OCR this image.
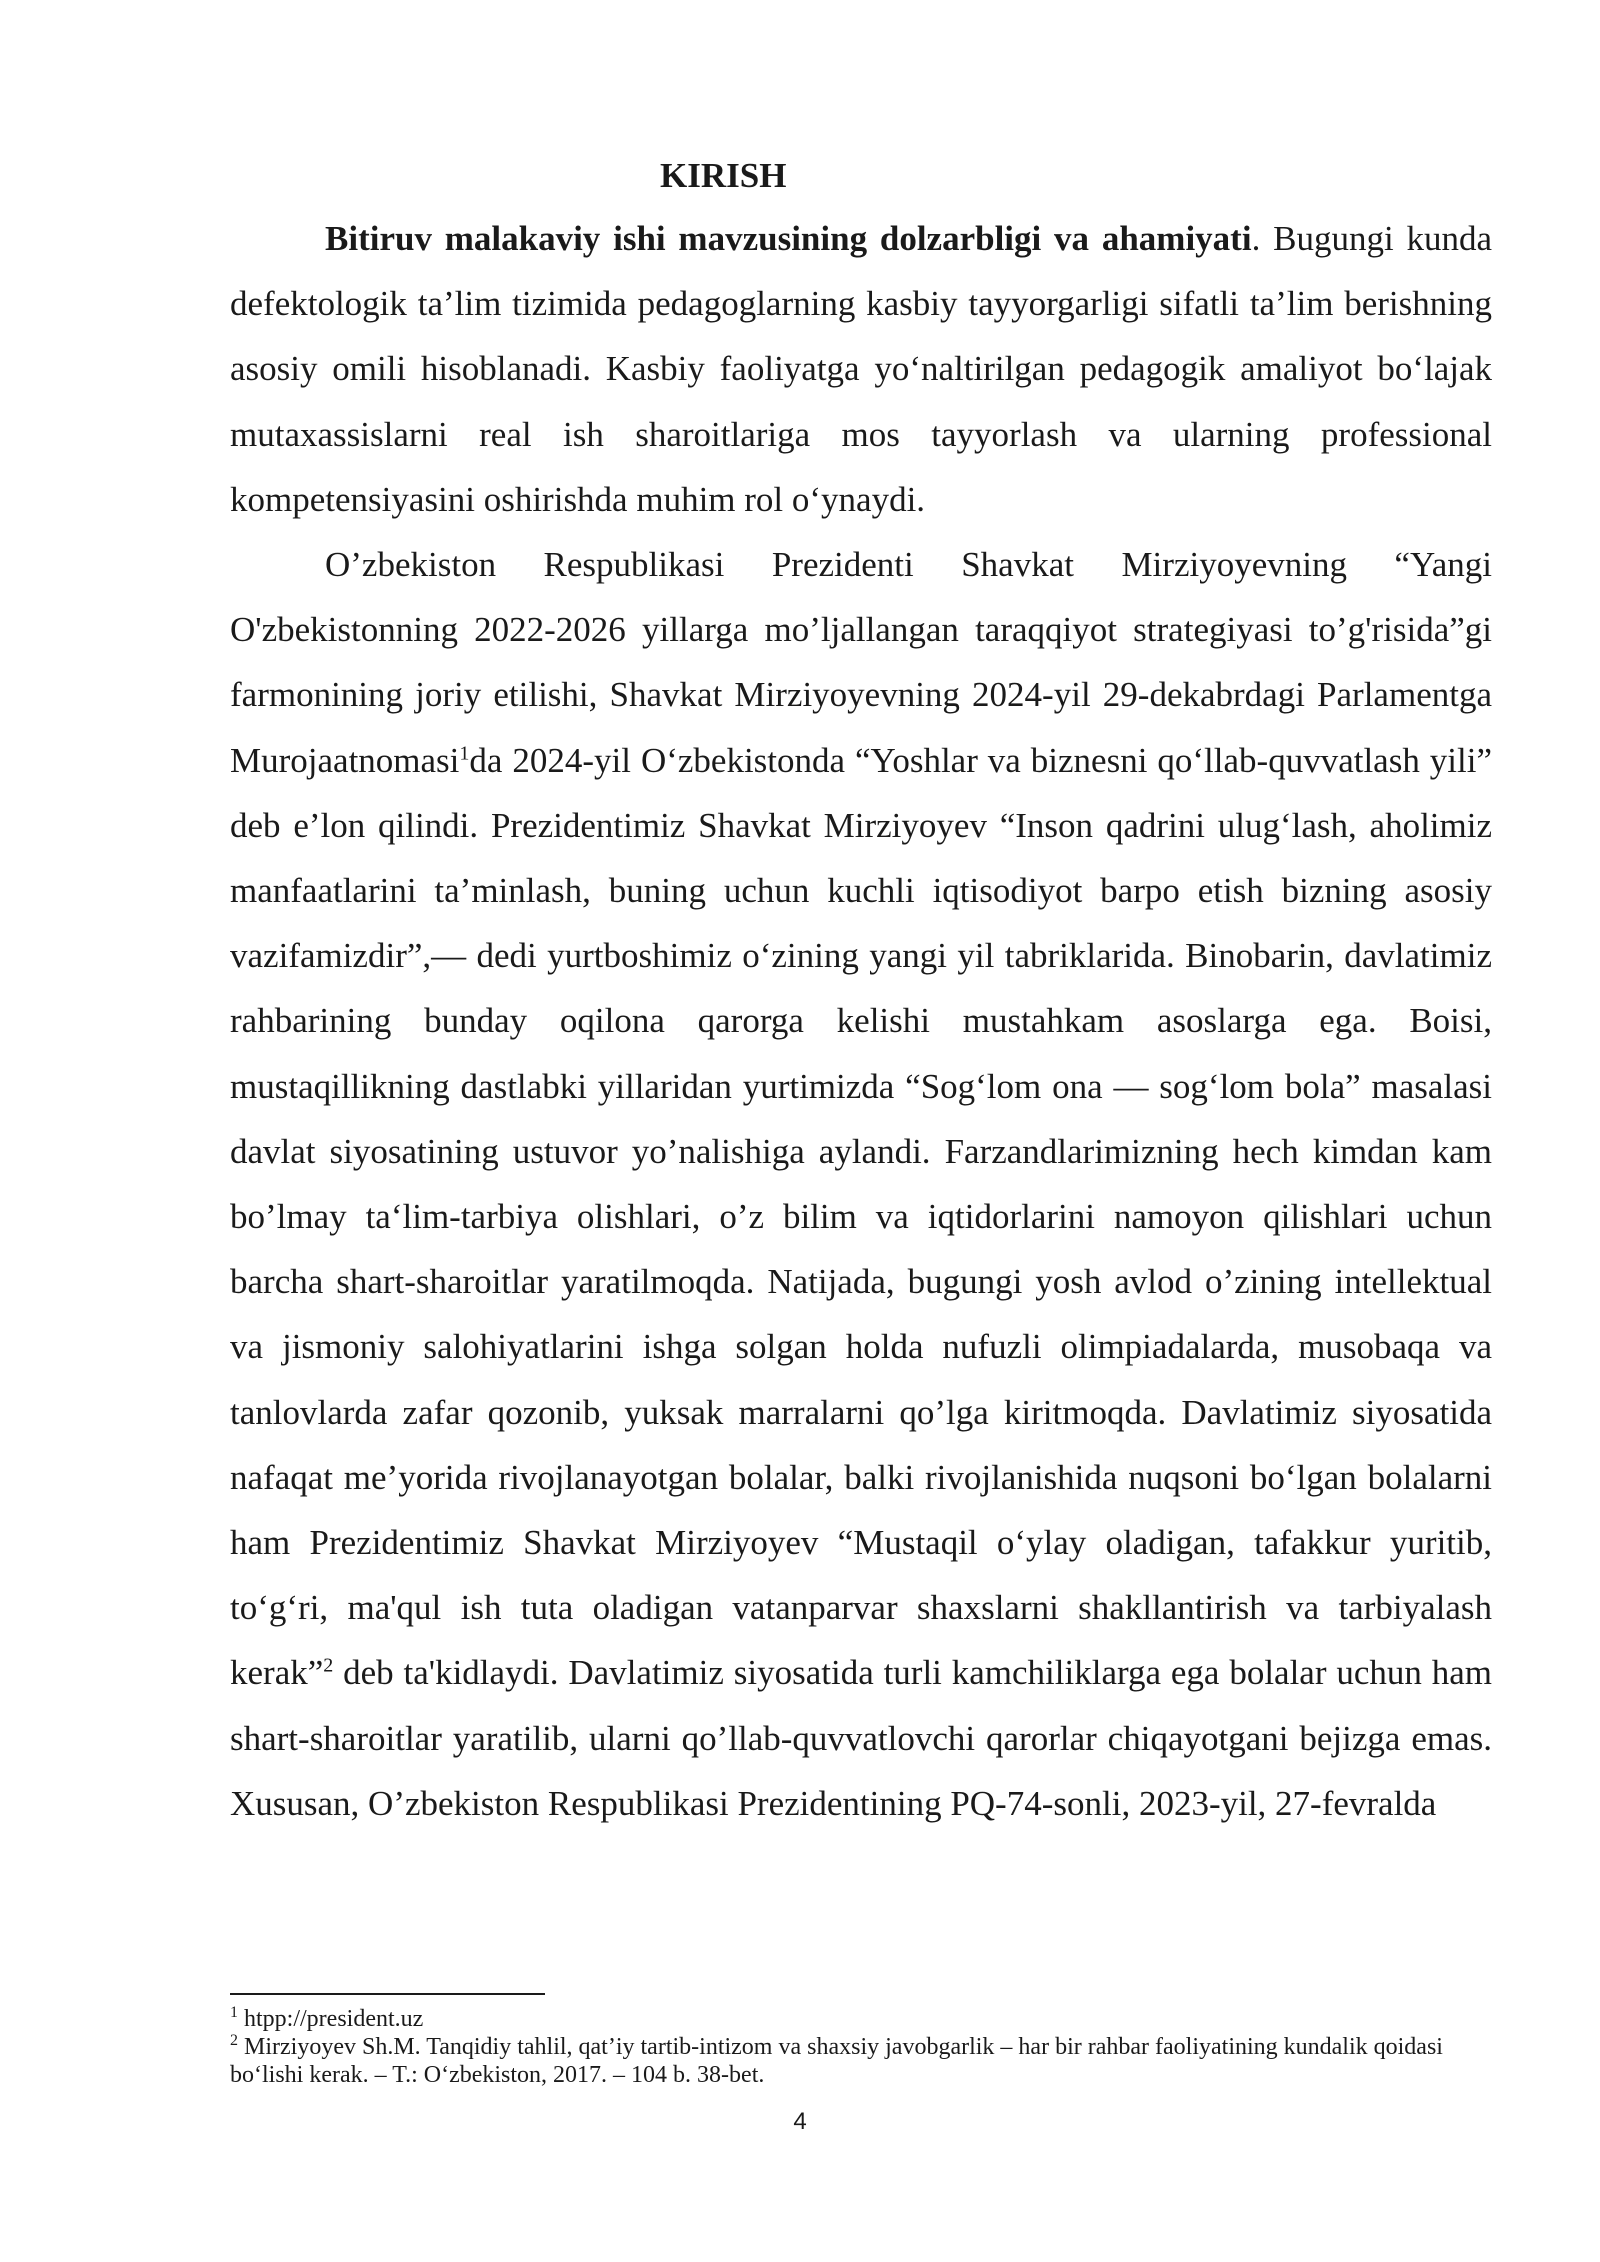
KIRISH

Bitiruv malakaviy ishi mavzusining dolzarbligi va ahamiyati. Bugungi kunda defektologik ta’lim tizimida pedagoglarning kasbiy tayyorgarligi sifatli ta’lim berishning asosiy omili hisoblanadi. Kasbiy faoliyatga yo‘naltirilgan pedagogik amaliyot bo‘lajak mutaxassislarni real ish sharoitlariga mos tayyorlash va ularning professional kompetensiyasini oshirishda muhim rol o‘ynaydi.

O’zbekiston Respublikasi Prezidenti Shavkat Mirziyoyevning “Yangi O'zbekistonning 2022-2026 yillarga mo’ljallangan taraqqiyot strategiyasi to’g'risida”gi farmonining joriy etilishi, Shavkat Mirziyoyevning 2024-yil 29-dekabrdagi Parlamentga Murojaatnomasi$^1$da 2024-yil O‘zbekistonda “Yoshlar va biznesni qo‘llab-quvvatlash yili” deb e’lon qilindi. Prezidentimiz Shavkat Mirziyoyev “Inson qadrini ulug‘lash, aholimiz manfaatlarini ta’minlash, buning uchun kuchli iqtisodiyot barpo etish bizning asosiy vazifamizdir”,— dedi yurtboshimiz o‘zining yangi yil tabriklarida. Binobarin, davlatimiz rahbarining bunday oqilona qarorga kelishi mustahkam asoslarga ega. Boisi, mustaqillikning dastlabki yillaridan yurtimizda “Sog‘lom ona — sog‘lom bola” masalasi davlat siyosatining ustuvor yo’nalishiga aylandi. Farzandlarimizning hech kimdan kam bo’lmay ta‘lim-tarbiya olishlari, o’z bilim va iqtidorlarini namoyon qilishlari uchun barcha shart-sharoitlar yaratilmoqda. Natijada, bugungi yosh avlod o’zining intellektual va jismoniy salohiyatlarini ishga solgan holda nufuzli olimpiadalarda, musobaqa va tanlovlarda zafar qozonib, yuksak marralarni qo’lga kiritmoqda. Davlatimiz siyosatida nafaqat me’yorida rivojlanayotgan bolalar, balki rivojlanishida nuqsoni bo‘lgan bolalarni ham Prezidentimiz Shavkat Mirziyoyev “Mustaqil o‘ylay oladigan, tafakkur yuritib, to‘g‘ri, ma'qul ish tuta oladigan vatanparvar shaxslarni shakllantirish va tarbiyalash kerak”$^2$ deb ta'kidlaydi. Davlatimiz siyosatida turli kamchiliklarga ega bolalar uchun ham shart-sharoitlar yaratilib, ularni qo’llab-quvvatlovchi qarorlar chiqayotgani bejizga emas. Xususan, O’zbekiston Respublikasi Prezidentining PQ-74-sonli, 2023-yil, 27-fevralda

$^1$ htpp://president.uz

$^2$ Mirziyoyev Sh.M. Tanqidiy tahlil, qat’iy tartib-intizom va shaxsiy javobgarlik – har bir rahbar faoliyatining kundalik qoidasi bo‘lishi kerak. – T.: O‘zbekiston, 2017. – 104 b. 38-bet.

4
